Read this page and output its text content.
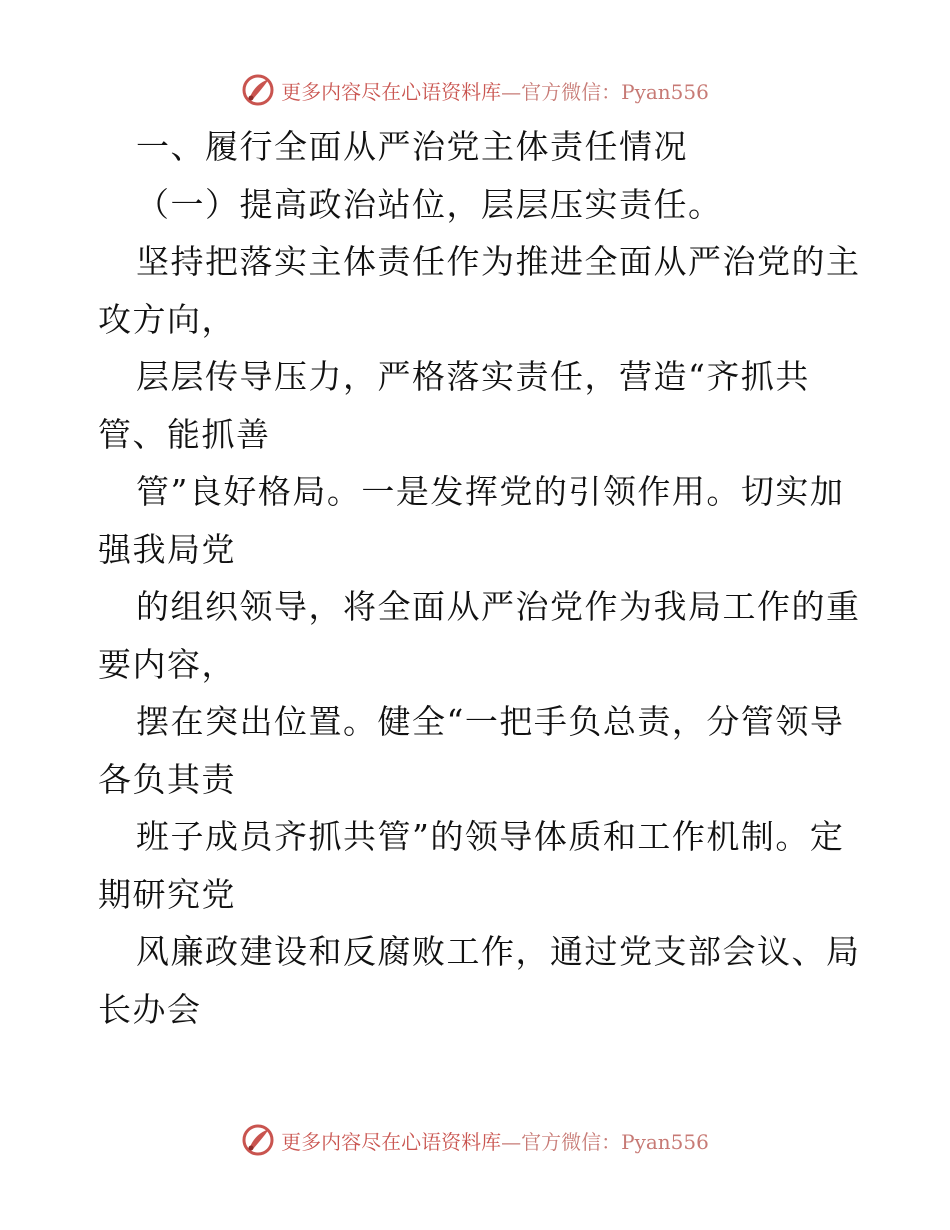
更多内容尽在心语资料库—官方微信：Pyan556
一、履行全面从严治党主体责任情况
（一）提高政治站位，层层压实责任。
坚持把落实主体责任作为推进全面从严治党的主
攻方向，
层层传导压力，严格落实责任，营造“齐抓共
管、能抓善
管”良好格局。一是发挥党的引领作用。切实加
强我局党
的组织领导，将全面从严治党作为我局工作的重
要内容，
摆在突出位置。健全“一把手负总责，分管领导
各负其责
班子成员齐抓共管”的领导体质和工作机制。定
期研究党
风廉政建设和反腐败工作，通过党支部会议、局
长办会
更多内容尽在心语资料库—官方微信：Pyan556
